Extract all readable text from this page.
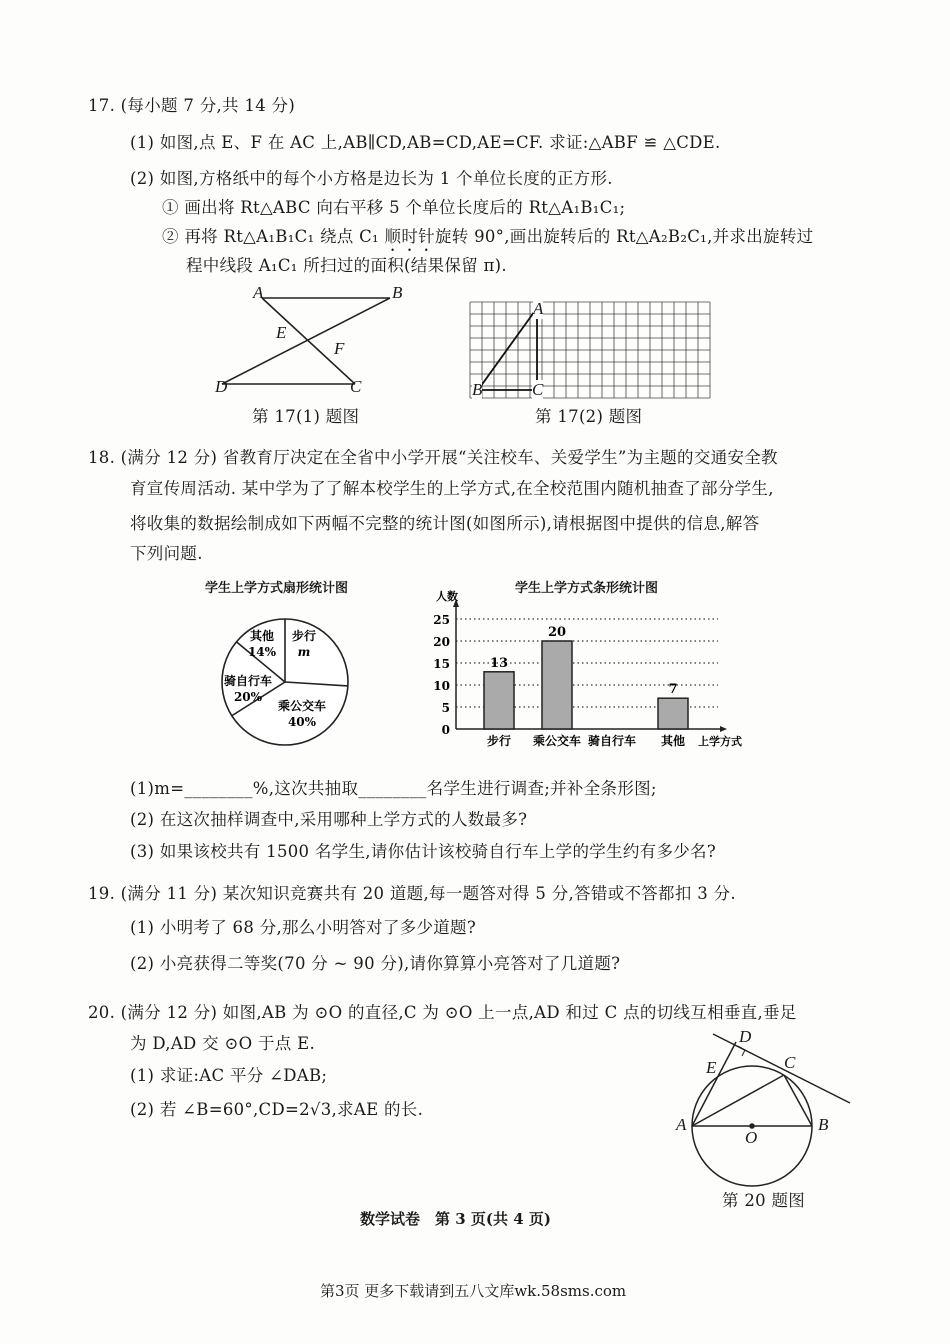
17. (每小题 7 分,共 14 分)
(1) 如图,点 E、F 在 AC 上,AB∥CD,AB=CD,AE=CF. 求证:△ABF ≌ △CDE.
(2) 如图,方格纸中的每个小方格是边长为 1 个单位长度的正方形.
① 画出将 Rt△ABC 向右平移 5 个单位长度后的 Rt△A₁B₁C₁;
② 再将 Rt△A₁B₁C₁ 绕点 C₁ 顺时针旋转 90°,画出旋转后的 Rt△A₂B₂C₁,并求出旋转过
程中线段 A₁C₁ 所扫过的面积(结果保留 π).
步行
m
乘公交车
40%
骑自行车
20%
其他
14%
0
5
10
15
20
25
人数
上学方式
步行
13
乘公交车
20
骑自行车 其他
7
A	B
E
F
D	C
第 17(1) 题图
A
B	C
第 17(2) 题图
18. (满分 12 分) 省教育厅决定在全省中小学开展“关注校车、关爱学生”为主题的交通安全教
育宣传周活动. 某中学为了了解本校学生的上学方式,在全校范围内随机抽查了部分学生,
将收集的数据绘制成如下两幅不完整的统计图(如图所示),请根据图中提供的信息,解答
下列问题.
学生上学方式扇形统计图	学生上学方式条形统计图
(1)m=________%,这次共抽取________名学生进行调查;并补全条形图;
(2) 在这次抽样调查中,采用哪种上学方式的人数最多?
(3) 如果该校共有 1500 名学生,请你估计该校骑自行车上学的学生约有多少名?
19. (满分 11 分) 某次知识竞赛共有 20 道题,每一题答对得 5 分,答错或不答都扣 3 分.
(1) 小明考了 68 分,那么小明答对了多少道题?
(2) 小亮获得二等奖(70 分 ~ 90 分),请你算算小亮答对了几道题?
20. (满分 12 分) 如图,AB 为 ⊙O 的直径,C 为 ⊙O 上一点,AD 和过 C 点的切线互相垂直,垂足
为 D,AD 交 ⊙O 于点 E.
(1) 求证:AC 平分 ∠DAB;
(2) 若 ∠B=60°,CD=2√3,求AE 的长.
D
E	C
A	B
O
第 20 题图
数学试卷　第 3 页(共 4 页)
第3页 更多下载请到五八文库wk.58sms.com
